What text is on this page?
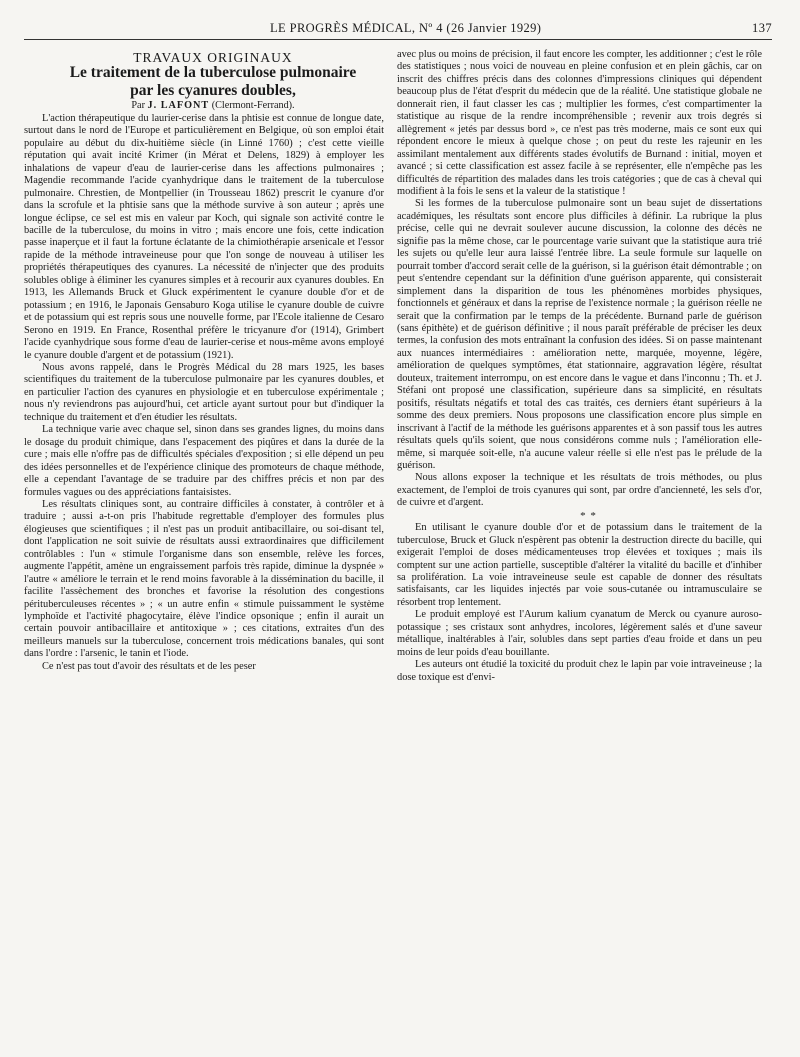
LE PROGRÈS MÉDICAL, Nº 4 (26 Janvier 1929)	137

TRAVAUX ORIGINAUX

Le traitement de la tuberculose pulmonaire

par les cyanures doubles,

Par J. LAFONT (Clermont-Ferrand).

L'action thérapeutique du laurier-cerise dans la phtisie est connue de longue date, surtout dans le nord de l'Europe et particulièrement en Belgique, où son emploi était populaire au début du dix-huitième siècle (in Linné 1760) ; c'est cette vieille réputation qui avait incité Krimer (in Mérat et Delens, 1829) à employer les inhalations de vapeur d'eau de laurier-cerise dans les affections pulmonaires ; Magendie recommande l'acide cyanhydrique dans le traitement de la tuberculose pulmonaire. Chrestien, de Montpellier (in Trousseau 1862) prescrit le cyanure d'or dans la scrofule et la phtisie sans que la méthode survive à son auteur ; après une longue éclipse, ce sel est mis en valeur par Koch, qui signale son activité contre le bacille de la tuberculose, du moins in vitro ; mais encore une fois, cette indication passe inaperçue et il faut la fortune éclatante de la chimiothérapie arsenicale et l'essor rapide de la méthode intraveineuse pour que l'on songe de nouveau à utiliser les propriétés thérapeutiques des cyanures. La nécessité de n'injecter que des produits solubles oblige à éliminer les cyanures simples et à recourir aux cyanures doubles. En 1913, les Allemands Bruck et Gluck expérimentent le cyanure double d'or et de potassium ; en 1916, le Japonais Gensaburo Koga utilise le cyanure double de cuivre et de potassium qui est repris sous une nouvelle forme, par l'Ecole italienne de Cesaro Serono en 1919. En France, Rosenthal préfère le tricyanure d'or (1914), Grimbert l'acide cyanhydrique sous forme d'eau de laurier-cerise et nous-même avons employé le cyanure double d'argent et de potassium (1921).

Nous avons rappelé, dans le Progrès Médical du 28 mars 1925, les bases scientifiques du traitement de la tuberculose pulmonaire par les cyanures doubles, et en particulier l'action des cyanures en physiologie et en tuberculose expérimentale ; nous n'y reviendrons pas aujourd'hui, cet article ayant surtout pour but d'indiquer la technique du traitement et d'en étudier les résultats.

La technique varie avec chaque sel, sinon dans ses grandes lignes, du moins dans le dosage du produit chimique, dans l'espacement des piqûres et dans la durée de la cure ; mais elle n'offre pas de difficultés spéciales d'exposition ; si elle dépend un peu des idées personnelles et de l'expérience clinique des promoteurs de chaque méthode, elle a cependant l'avantage de se traduire par des chiffres précis et non par des formules vagues ou des appréciations fantaisistes.

Les résultats cliniques sont, au contraire difficiles à constater, à contrôler et à traduire ; aussi a-t-on pris l'habitude regrettable d'employer des formules plus élogieuses que scientifiques ; il n'est pas un produit antibacillaire, ou soi-disant tel, dont l'application ne soit suivie de résultats aussi extraordinaires que difficilement contrôlables : l'un « stimule l'organisme dans son ensemble, relève les forces, augmente l'appétit, amène un engraissement parfois très rapide, diminue la dyspnée » l'autre « améliore le terrain et le rend moins favorable à la dissémination du bacille, il facilite l'assèchement des bronches et favorise la résolution des congestions pérituberculeuses récentes » ; « un autre enfin « stimule puissamment le système lymphoïde et l'activité phagocytaire, élève l'indice opsonique ; enfin il aurait un certain pouvoir antibacillaire et antitoxique » ; ces citations, extraites d'un des meilleurs manuels sur la tuberculose, concernent trois médications banales, qui sont dans l'ordre : l'arsenic, le tanin et l'iode.

Ce n'est pas tout d'avoir des résultats et de les peser

avec plus ou moins de précision, il faut encore les compter, les additionner ; c'est le rôle des statistiques ; nous voici de nouveau en pleine confusion et en plein gâchis, car on inscrit des chiffres précis dans des colonnes d'impressions cliniques qui dépendent beaucoup plus de l'état d'esprit du médecin que de la réalité. Une statistique globale ne donnerait rien, il faut classer les cas ; multiplier les formes, c'est compartimenter la statistique au risque de la rendre incompréhensible ; revenir aux trois degrés si allègrement « jetés par dessus bord », ce n'est pas très moderne, mais ce sont eux qui répondent encore le mieux à quelque chose ; on peut du reste les rajeunir en les assimilant mentalement aux différents stades évolutifs de Burnand : initial, moyen et avancé ; si cette classification est assez facile à se représenter, elle n'empêche pas les difficultés de répartition des malades dans les trois catégories ; que de cas à cheval qui modifient à la fois le sens et la valeur de la statistique !

Si les formes de la tuberculose pulmonaire sont un beau sujet de dissertations académiques, les résultats sont encore plus difficiles à définir. La rubrique la plus précise, celle qui ne devrait soulever aucune discussion, la colonne des décès ne signifie pas la même chose, car le pourcentage varie suivant que la statistique aura trié les sujets ou qu'elle leur aura laissé l'entrée libre. La seule formule sur laquelle on pourrait tomber d'accord serait celle de la guérison, si la guérison était démontrable ; on peut s'entendre cependant sur la définition d'une guérison apparente, qui consisterait simplement dans la disparition de tous les phénomènes morbides physiques, fonctionnels et généraux et dans la reprise de l'existence normale ; la guérison réelle ne serait que la confirmation par le temps de la précédente. Burnand parle de guérison (sans épithète) et de guérison définitive ; il nous paraît préférable de préciser les deux termes, la confusion des mots entraînant la confusion des idées. Si on passe maintenant aux nuances intermédiaires : amélioration nette, marquée, moyenne, légère, amélioration de quelques symptômes, état stationnaire, aggravation légère, résultat douteux, traitement interrompu, on est encore dans le vague et dans l'inconnu ; Th. et J. Stéfani ont proposé une classification, supérieure dans sa simplicité, en résultats positifs, résultats négatifs et total des cas traités, ces derniers étant supérieurs à la somme des deux premiers. Nous proposons une classification encore plus simple en inscrivant à l'actif de la méthode les guérisons apparentes et à son passif tous les autres résultats quels qu'ils soient, que nous considérons comme nuls ; l'amélioration elle-même, si marquée soit-elle, n'a aucune valeur réelle si elle n'est pas le prélude de la guérison.

Nous allons exposer la technique et les résultats de trois méthodes, ou plus exactement, de l'emploi de trois cyanures qui sont, par ordre d'ancienneté, les sels d'or, de cuivre et d'argent.

* *

En utilisant le cyanure double d'or et de potassium dans le traitement de la tuberculose, Bruck et Gluck n'espèrent pas obtenir la destruction directe du bacille, qui exigerait l'emploi de doses médicamenteuses trop élevées et toxiques ; mais ils comptent sur une action partielle, susceptible d'altérer la vitalité du bacille et d'inhiber sa prolifération. La voie intraveineuse seule est capable de donner des résultats satisfaisants, car les liquides injectés par voie sous-cutanée ou intramusculaire se résorbent trop lentement.

Le produit employé est l'Aurum kalium cyanatum de Merck ou cyanure auroso-potassique ; ses cristaux sont anhydres, incolores, légèrement salés et d'une saveur métallique, inaltérables à l'air, solubles dans sept parties d'eau froide et dans un peu moins de leur poids d'eau bouillante.

Les auteurs ont étudié la toxicité du produit chez le lapin par voie intraveineuse ; la dose toxique est d'envi-
